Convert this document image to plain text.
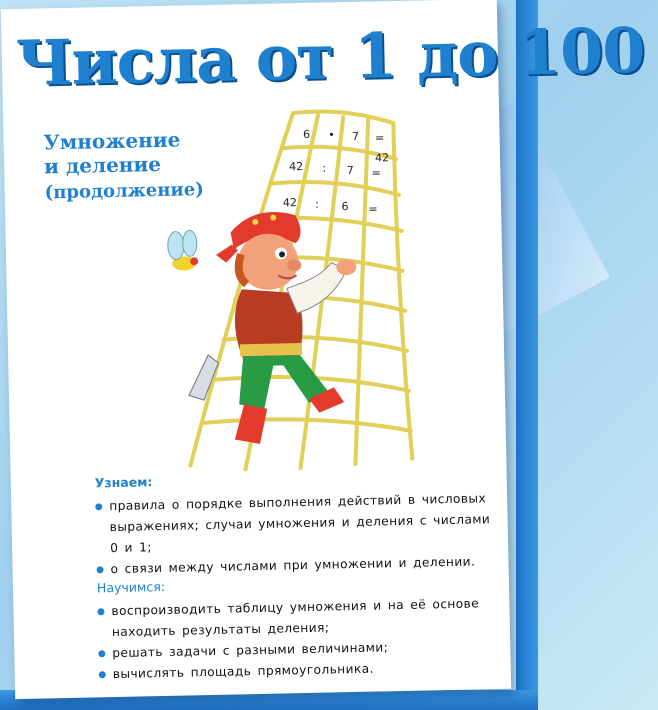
Числа от 1 до 100
Умножение
и деление
(продолжение)
6 • 7 =
42
42 : 7 =
42 : 6 =

Узнаем:

правила о порядке выполнения действий в числовых выражениях; случаи умножения и деления с числами 0 и 1;
о связи между числами при умножении и делении.

Научимся:

воспроизводить таблицу умножения и на её основе находить результаты деления;
решать задачи с разными величинами;
вычислять площадь прямоугольника.
